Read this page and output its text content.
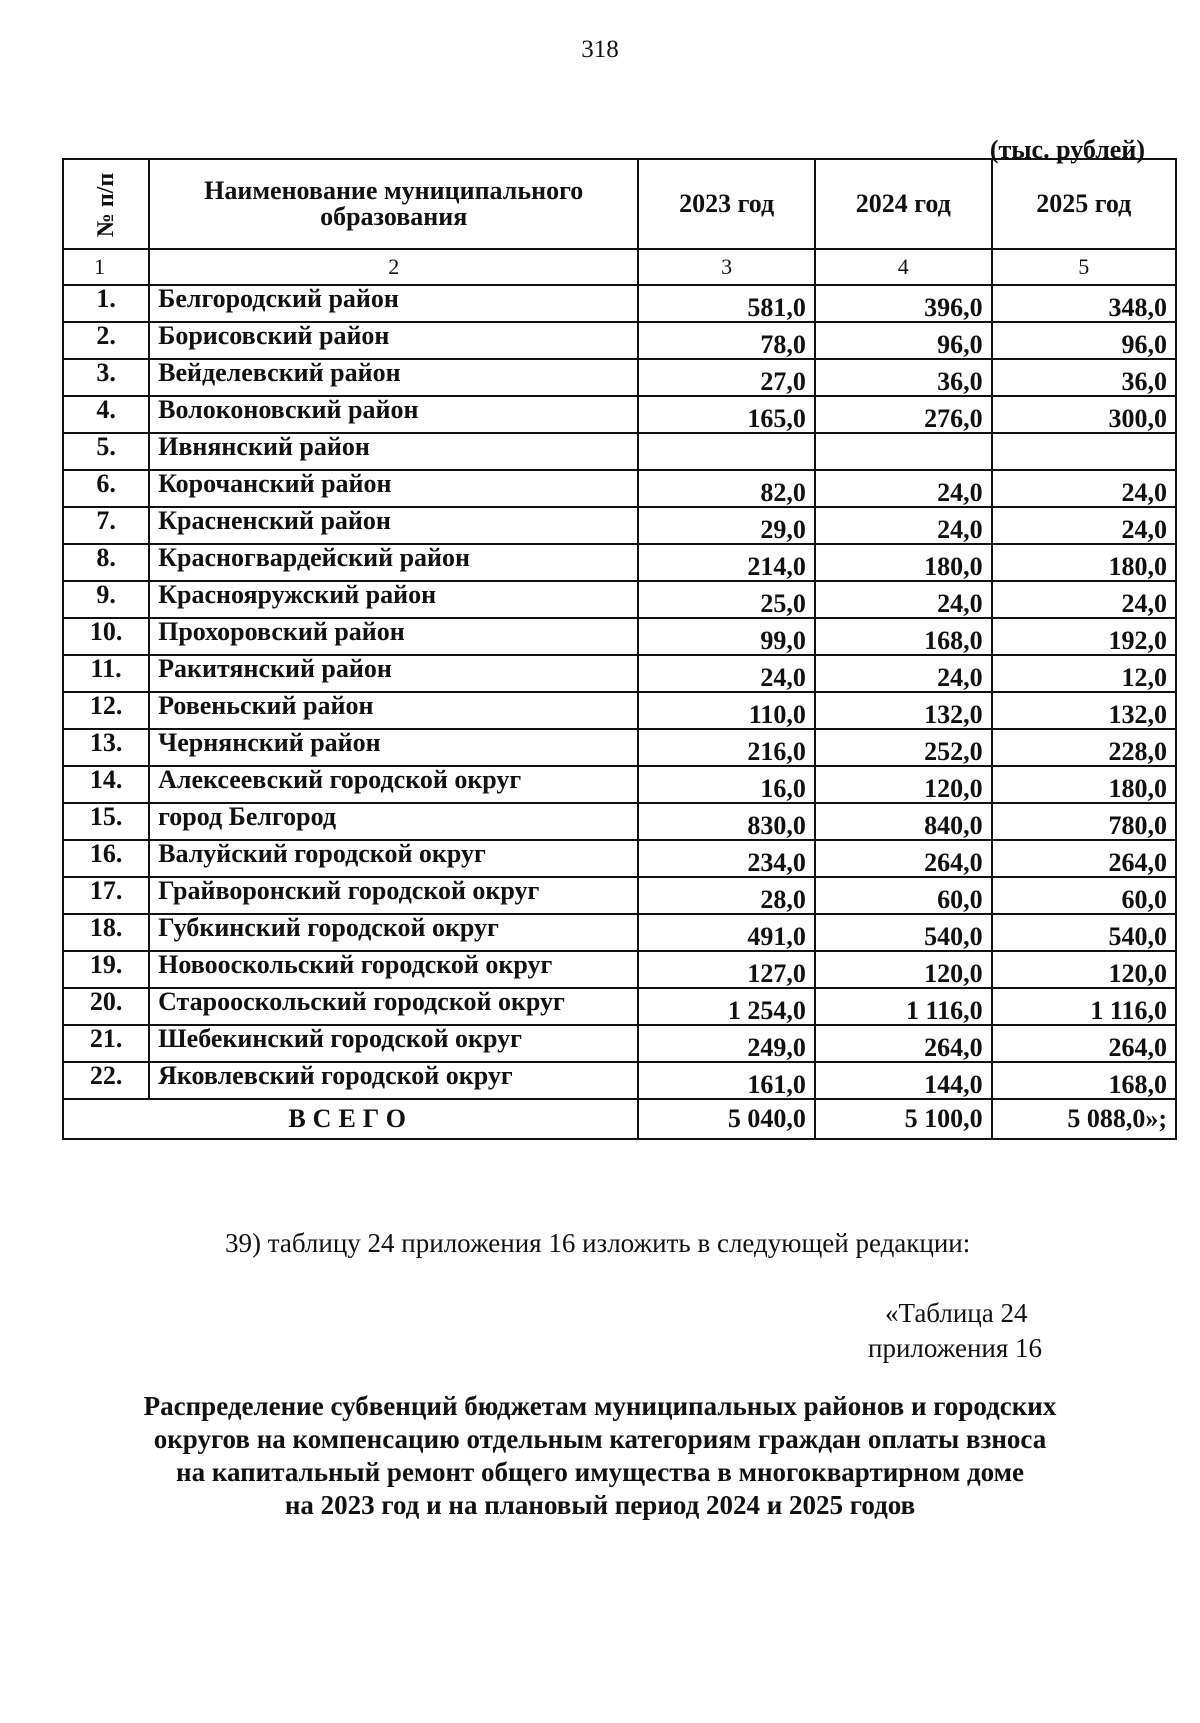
318
(тыс. рублей)
№ п/п	Наименование муниципального образования	2023 год	2024 год	2025 год
1	2	3	4	5
1.	Белгородский район	581,0	396,0	348,0
2.	Борисовский район	78,0	96,0	96,0
3.	Вейделевский район	27,0	36,0	36,0
4.	Волоконовский район	165,0	276,0	300,0
5.	Ивнянский район			
6.	Корочанский район	82,0	24,0	24,0
7.	Красненский район	29,0	24,0	24,0
8.	Красногвардейский район	214,0	180,0	180,0
9.	Краснояружский район	25,0	24,0	24,0
10.	Прохоровский район	99,0	168,0	192,0
11.	Ракитянский район	24,0	24,0	12,0
12.	Ровеньский район	110,0	132,0	132,0
13.	Чернянский район	216,0	252,0	228,0
14.	Алексеевский городской округ	16,0	120,0	180,0
15.	город Белгород	830,0	840,0	780,0
16.	Валуйский городской округ	234,0	264,0	264,0
17.	Грайворонский городской округ	28,0	60,0	60,0
18.	Губкинский городской округ	491,0	540,0	540,0
19.	Новооскольский городской округ	127,0	120,0	120,0
20.	Старооскольский городской округ	1 254,0	1 116,0	1 116,0
21.	Шебекинский городской округ	249,0	264,0	264,0
22.	Яковлевский городской округ	161,0	144,0	168,0
ВСЕГО		5 040,0	5 100,0	5 088,0»;
39) таблицу 24 приложения 16 изложить в следующей редакции:
«Таблица 24
приложения 16
Распределение субвенций бюджетам муниципальных районов и городских
округов на компенсацию отдельным категориям граждан оплаты взноса
на капитальный ремонт общего имущества в многоквартирном доме
на 2023 год и на плановый период 2024 и 2025 годов
